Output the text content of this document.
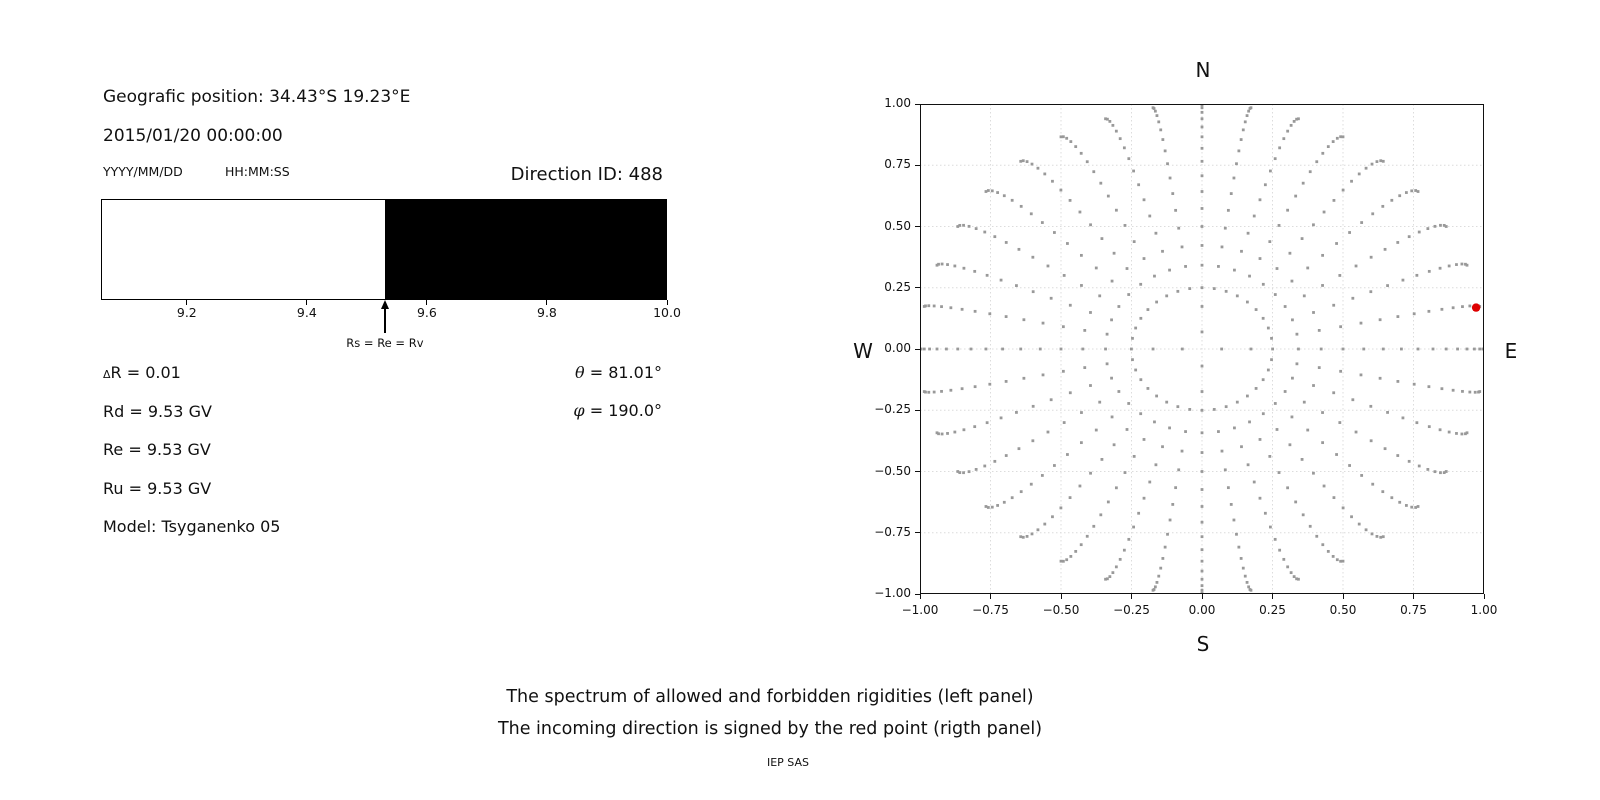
Geografic position: 34.43°S 19.23°E
2015/01/20 00:00:00
YYYY/MM/DD	HH:MM:SS	Direction ID: 488
Rs = Re = Rv
ΔR = 0.01
Rd = 9.53 GV
Re = 9.53 GV
Ru = 9.53 GV
Model: Tsyganenko 05
θ = 81.01°
φ = 190.0°
N
S
W	E
The spectrum of allowed and forbidden rigidities (left panel)
The incoming direction is signed by the red point (rigth panel)
IEP SAS
9.2	9.4	9.6	9.8	10.0
−1.00
−1.00
−0.75
−0.75
−0.50
−0.50
−0.25
−0.25
0.00
0.00
0.25
0.25
0.50
0.50
0.75
0.75
1.00
1.00
